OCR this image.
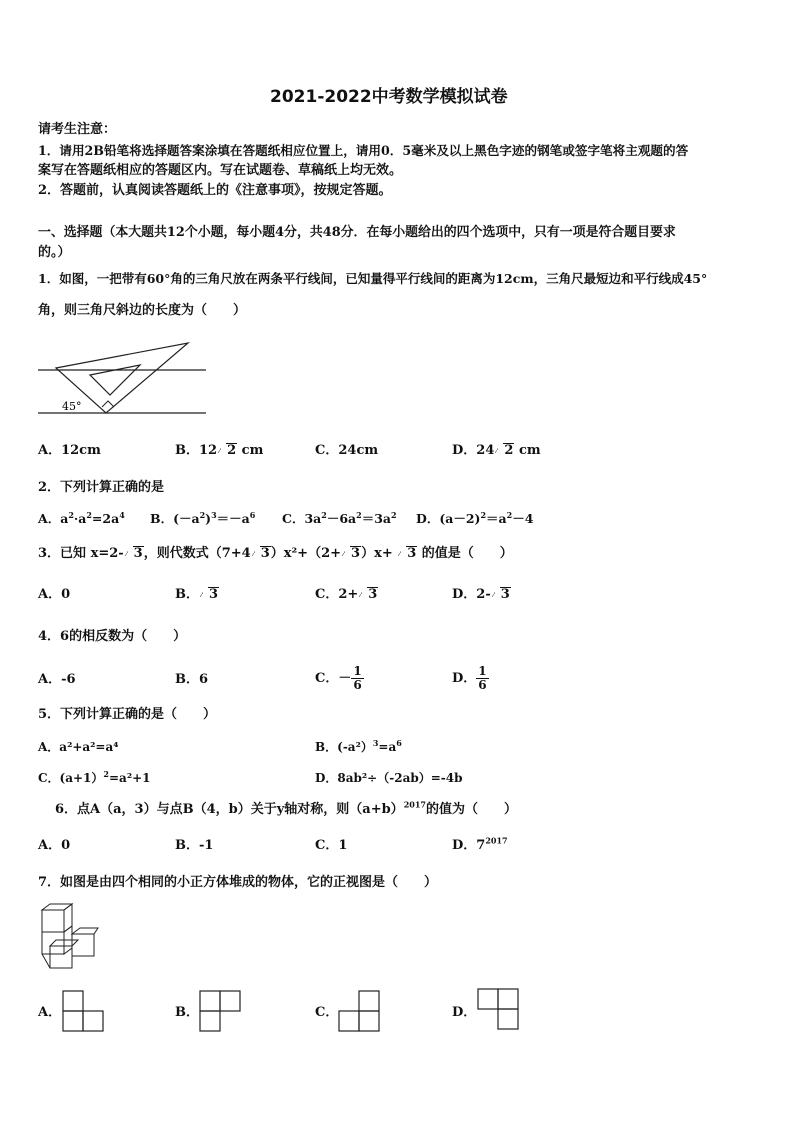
2021-2022中考数学模拟试卷
请考生注意：
1．请用2B铅笔将选择题答案涂填在答题纸相应位置上，请用0．5毫米及以上黑色字迹的钢笔或签字笔将主观题的答
案写在答题纸相应的答题区内。写在试题卷、草稿纸上均无效。
2．答题前，认真阅读答题纸上的《注意事项》，按规定答题。
一、选择题（本大题共12个小题，每小题4分，共48分．在每小题给出的四个选项中，只有一项是符合题目要求
的。）
1．如图，一把带有60°角的三角尺放在两条平行线间，已知量得平行线间的距离为12cm，三角尺最短边和平行线成45°
角，则三角尺斜边的长度为（　　）
45°
A．12cm	B．12 2 cm	C．24cm	D．24 2 cm
2．下列计算正确的是
A．$a^2\cdot a^2=2a^4$ B．$(-a^2)^3=-a^6$ C．$3a^2-6a^2=3a^2$ D．$(a-2)^2=a^2-4$
3．已知 x=2- 3，则代数式（7+4 3）x²+（2+ 3）x+ 3 的值是（　　）
A．0	B． 3	C．2+ 3	D．2- 3
4．6的相反数为（　　）
A．-6	B．6	C．－ $\frac{1}{6}$	D． $\frac{1}{6}$
5．下列计算正确的是（　　）
A．a²+a²=a⁴	B．$(-a^2)^3=a^6$
C．(a+1）$^2$=a²+1	D．8ab²÷（-2ab）=-4b
6．点A（a，3）与点B（4，b）关于y轴对称，则$(a+b)^{2017}$的值为（　　）
A．0	B．-1	C．1	D．$7^{2017}$
7．如图是由四个相同的小正方体堆成的物体，它的正视图是（　　）
A．	B．	C．	D．
